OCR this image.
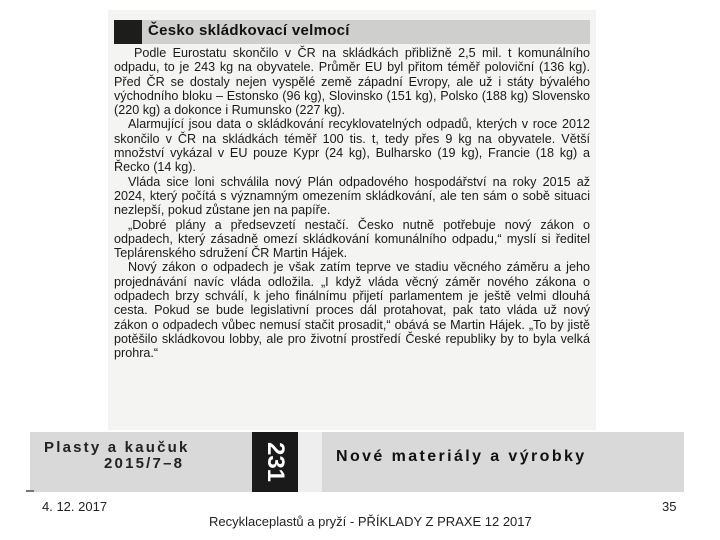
Česko skládkovací velmocí

Podle Eurostatu skončilo v ČR na skládkách přibližně 2,5 mil. t komunálního odpadu, to je 243 kg na obyvatele. Průměr EU byl přitom téměř poloviční (136 kg). Před ČR se dostaly nejen vyspělé země západní Evropy, ale už i státy bývalého východního bloku – Estonsko (96 kg), Slovinsko (151 kg), Polsko (188 kg) Slovensko (220 kg) a dokonce i Rumunsko (227 kg).

Alarmující jsou data o skládkování recyklovatelných odpadů, kterých v roce 2012 skončilo v ČR na skládkách téměř 100 tis. t, tedy přes 9 kg na obyvatele. Větší množství vykázal v EU pouze Kypr (24 kg), Bulharsko (19 kg), Francie (18 kg) a Řecko (14 kg).

Vláda sice loni schválila nový Plán odpadového hospodářství na roky 2015 až 2024, který počítá s významným omezením skládkování, ale ten sám o sobě situaci nezlepší, pokud zůstane jen na papíře.

„Dobré plány a předsevzetí nestačí. Česko nutně potřebuje nový zákon o odpadech, který zásadně omezí skládkování komunálního odpadu,“ myslí si ředitel Teplárenského sdružení ČR Martin Hájek.

Nový zákon o odpadech je však zatím teprve ve stadiu věcného záměru a jeho projednávání navíc vláda odložila. „I když vláda věcný záměr nového zákona o odpadech brzy schválí, k jeho finálnímu přijetí parlamentem je ještě velmi dlouhá cesta. Pokud se bude legislativní proces dál protahovat, pak tato vláda už nový zákon o odpadech vůbec nemusí stačit prosadit,“ obává se Martin Hájek. „To by jistě potěšilo skládkovou lobby, ale pro životní prostředí České republiky by to byla velká prohra.“

Plasty a kaučuk
2015/7–8	231	Nové materiály a výrobky
4. 12. 2017	35
Recyklaceplastů a pryží - PŘÍKLADY Z PRAXE 12 2017
